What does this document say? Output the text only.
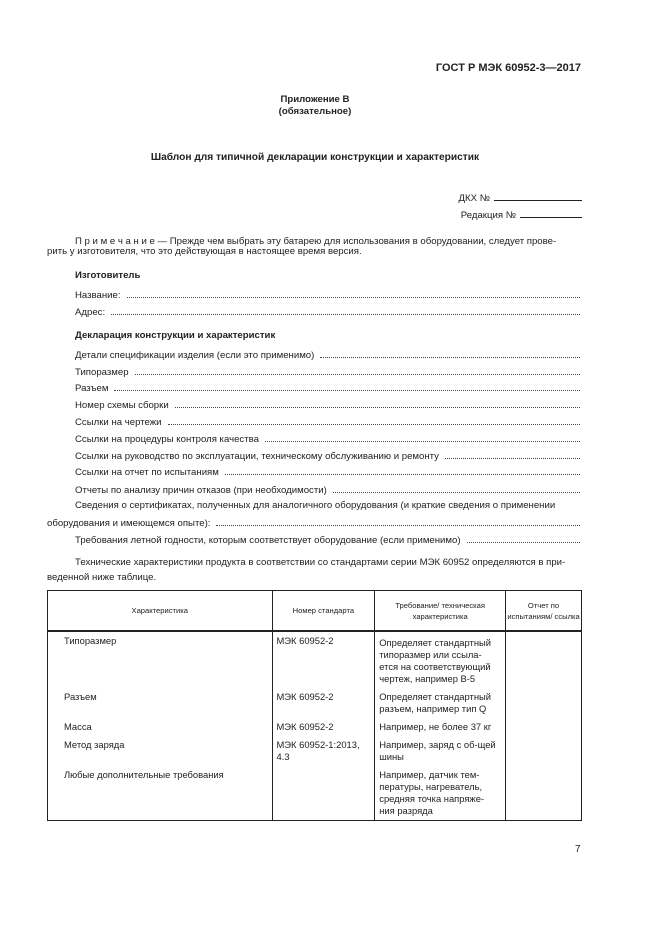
ГОСТ Р МЭК 60952-3—2017
Приложение В
(обязательное)
Шаблон для типичной декларации конструкции и характеристик
ДКХ №
Редакция №
П р и м е ч а н и е — Прежде чем выбрать эту батарею для использования в оборудовании, следует прове-
рить у изготовителя, что это действующая в настоящее время версия.
Изготовитель
Название:
Адрес:
Декларация конструкции и характеристик
Детали спецификации изделия (если это применимо)
Типоразмер
Разъем
Номер схемы сборки
Ссылки на чертежи
Ссылки на процедуры контроля качества
Ссылки на руководство по эксплуатации, техническому обслуживанию и ремонту
Ссылки на отчет по испытаниям
Отчеты по анализу причин отказов (при необходимости)
Сведения о сертификатах, полученных для аналогичного оборудования (и краткие сведения о применении
оборудования и имеющемся опыте):
Требования летной годности, которым соответствует оборудование (если применимо)
Технические характеристики продукта в соответствии со стандартами серии МЭК 60952 определяются в при-
веденной ниже таблице.
Характеристика	Номер стандарта	Требование/ техническая характеристика	Отчет по испытаниям/ ссылка
Типоразмер	МЭК 60952-2	Определяет стандартный типоразмер или ссыла-ется на соответствующий чертеж, например В-5	
Разъем	МЭК 60952-2	Определяет стандартный разъем, например тип Q	
Масса	МЭК 60952-2	Например, не более 37 кг	
Метод заряда	МЭК 60952-1:2013, 4.3	Например, заряд с об-щей шины	
Любые дополнительные требования		Например, датчик тем-пературы, нагреватель, средняя точка напряже-ния разряда	
7
